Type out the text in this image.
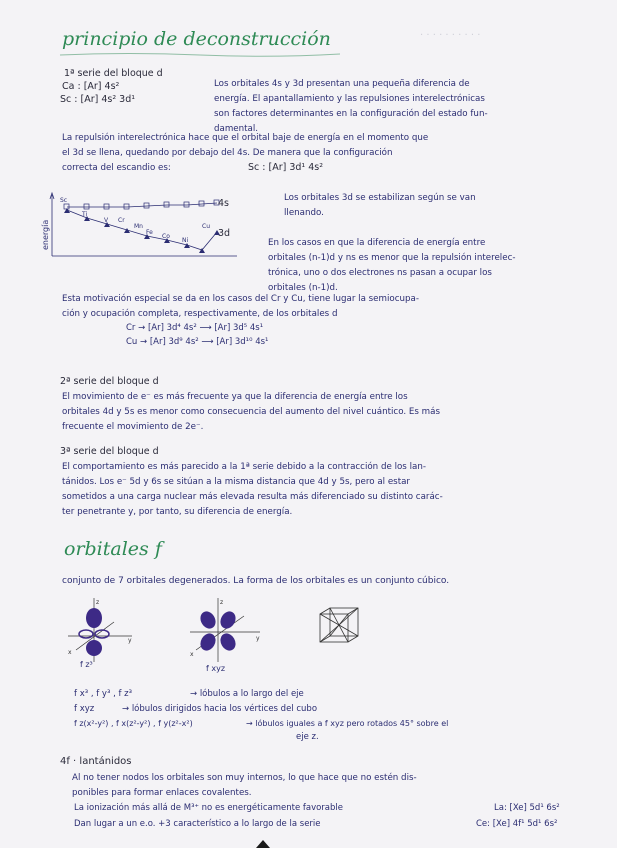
· · · · · · · · · ·
principio de deconstrucción
1ª serie del bloque d
Ca : [Ar] 4s²
Sc : [Ar] 4s² 3d¹
Los orbitales 4s y 3d presentan una pequeña diferencia de
energía. El apantallamiento y las repulsiones interelectrónicas
son factores determinantes en la configuración del estado fun-
damental.
La repulsión interelectrónica hace que el orbital baje de energía en el momento que
el 3d se llena, quedando por debajo del 4s. De manera que la configuración
correcta del escandio es:	Sc : [Ar] 3d¹ 4s²
energía
Sc
Ti
V Cr
Mn
Fe
Co
Ni
Cu
4s
3d
Los orbitales 3d se estabilizan según se van
llenando.
En los casos en que la diferencia de energía entre
orbitales (n-1)d y ns es menor que la repulsión interelec-
trónica, uno o dos electrones ns pasan a ocupar los
orbitales (n-1)d.
Esta motivación especial se da en los casos del Cr y Cu, tiene lugar la semiocupa-
ción y ocupación completa, respectivamente, de los orbitales d
Cr → [Ar] 3d⁴ 4s² ⟶ [Ar] 3d⁵ 4s¹
Cu → [Ar] 3d⁹ 4s² ⟶ [Ar] 3d¹⁰ 4s¹
2ª serie del bloque d
El movimiento de e⁻ es más frecuente ya que la diferencia de energía entre los
orbitales 4d y 5s es menor como consecuencia del aumento del nivel cuántico. Es más
frecuente el movimiento de 2e⁻.
3ª serie del bloque d
El comportamiento es más parecido a la 1ª serie debido a la contracción de los lan-
tánidos. Los e⁻ 5d y 6s se sitúan a la misma distancia que 4d y 5s, pero al estar
sometidos a una carga nuclear más elevada resulta más diferenciado su distinto carác-
ter penetrante y, por tanto, su diferencia de energía.
orbitales f
conjunto de 7 orbitales degenerados. La forma de los orbitales es un conjunto cúbico.
z
y
x
f z³
z
y
x
f xyz
f x³ , f y³ , f z³	→ lóbulos a lo largo del eje
f xyz	→ lóbulos dirigidos hacia los vértices del cubo
f z(x²-y²) , f x(z²-y²) , f y(z²-x²)	→ lóbulos iguales a f xyz pero rotados 45° sobre el
eje z.
4f · lantánidos
Al no tener nodos los orbitales son muy internos, lo que hace que no estén dis-
ponibles para formar enlaces covalentes.
La ionización más allá de M³⁺ no es energéticamente favorable	La: [Xe] 5d¹ 6s²
Dan lugar a un e.o. +3 característico a lo largo de la serie	Ce: [Xe] 4f¹ 5d¹ 6s²
